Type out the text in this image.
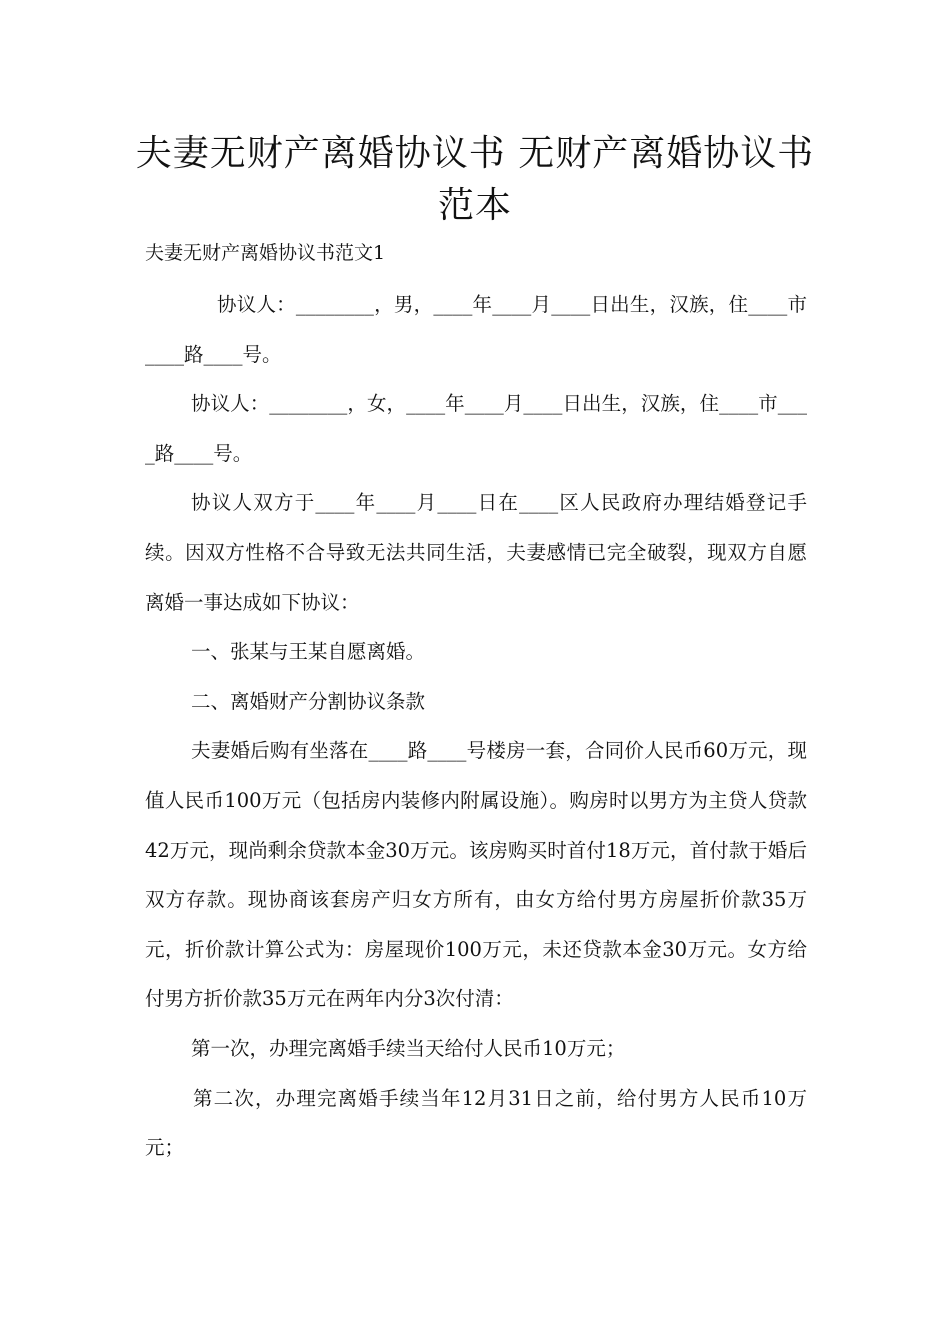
夫妻无财产离婚协议书 无财产离婚协议书范本

夫妻无财产离婚协议书范文1

协议人：________，男，____年____月____日出生，汉族，住____市____路____号。

协议人：________，女，____年____月____日出生，汉族，住____市____路____号。

协议人双方于____年____月____日在____区人民政府办理结婚登记手续。因双方性格不合导致无法共同生活，夫妻感情已完全破裂，现双方自愿离婚一事达成如下协议：

一、张某与王某自愿离婚。

二、离婚财产分割协议条款

夫妻婚后购有坐落在____路____号楼房一套，合同价人民币60万元，现值人民币100万元（包括房内装修内附属设施）。购房时以男方为主贷人贷款42万元，现尚剩余贷款本金30万元。该房购买时首付18万元，首付款于婚后双方存款。现协商该套房产归女方所有，由女方给付男方房屋折价款35万元，折价款计算公式为：房屋现价100万元，未还贷款本金30万元。女方给付男方折价款35万元在两年内分3次付清：

第一次，办理完离婚手续当天给付人民币10万元；

第二次，办理完离婚手续当年12月31日之前，给付男方人民币10万元；
